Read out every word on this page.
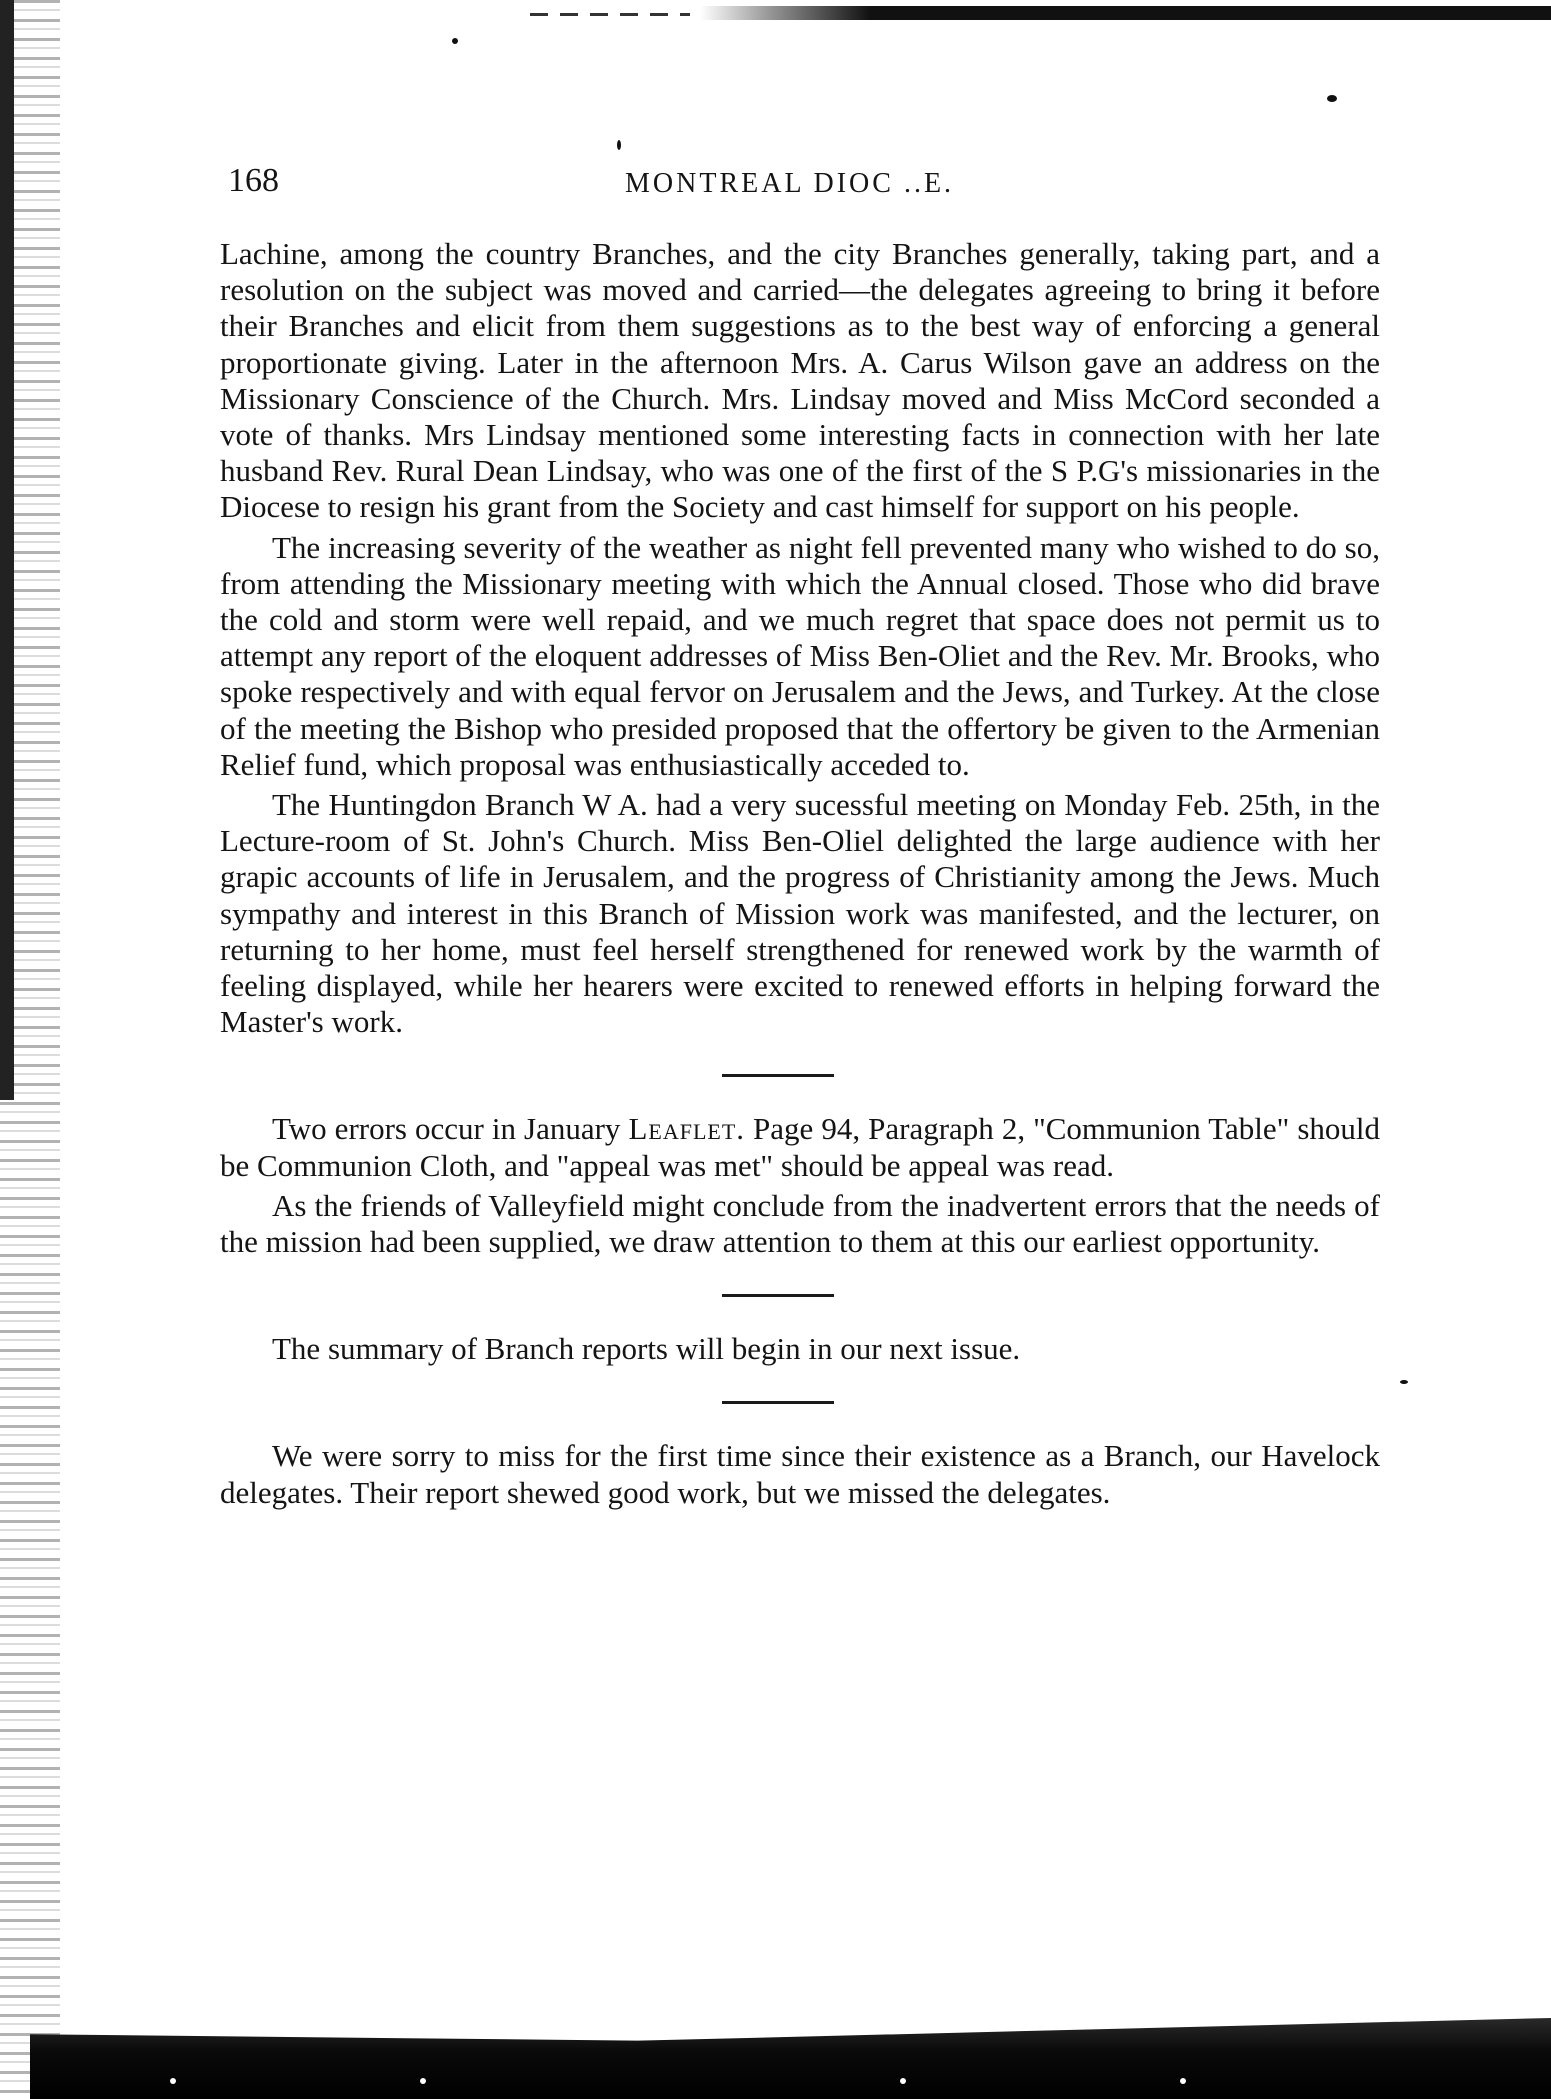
168	MONTREAL DIOC ..E.

Lachine, among the country Branches, and the city Branches generally, taking part, and a resolution on the subject was moved and carried—the delegates agreeing to bring it before their Branches and elicit from them suggestions as to the best way of enforcing a general proportionate giving. Later in the afternoon Mrs. A. Carus Wilson gave an address on the Missionary Conscience of the Church. Mrs. Lindsay moved and Miss McCord seconded a vote of thanks. Mrs Lindsay mentioned some interesting facts in connection with her late husband Rev. Rural Dean Lindsay, who was one of the first of the S P.G's missionaries in the Diocese to resign his grant from the Society and cast himself for support on his people.

The increasing severity of the weather as night fell prevented many who wished to do so, from attending the Missionary meeting with which the Annual closed. Those who did brave the cold and storm were well repaid, and we much regret that space does not permit us to attempt any report of the eloquent addresses of Miss Ben-Oliet and the Rev. Mr. Brooks, who spoke respectively and with equal fervor on Jerusalem and the Jews, and Turkey. At the close of the meeting the Bishop who presided proposed that the offertory be given to the Armenian Relief fund, which proposal was enthusiastically acceded to.

The Huntingdon Branch W A. had a very sucessful meeting on Monday Feb. 25th, in the Lecture-room of St. John's Church. Miss Ben-Oliel delighted the large audience with her grapic accounts of life in Jerusalem, and the progress of Christianity among the Jews. Much sympathy and interest in this Branch of Mission work was manifested, and the lecturer, on returning to her home, must feel herself strengthened for renewed work by the warmth of feeling displayed, while her hearers were excited to renewed efforts in helping forward the Master's work.

Two errors occur in January Leaflet. Page 94, Paragraph 2, "Communion Table" should be Communion Cloth, and "appeal was met" should be appeal was read.

As the friends of Valleyfield might conclude from the inadvertent errors that the needs of the mission had been supplied, we draw attention to them at this our earliest opportunity.

The summary of Branch reports will begin in our next issue.

We were sorry to miss for the first time since their existence as a Branch, our Havelock delegates. Their report shewed good work, but we missed the delegates.
